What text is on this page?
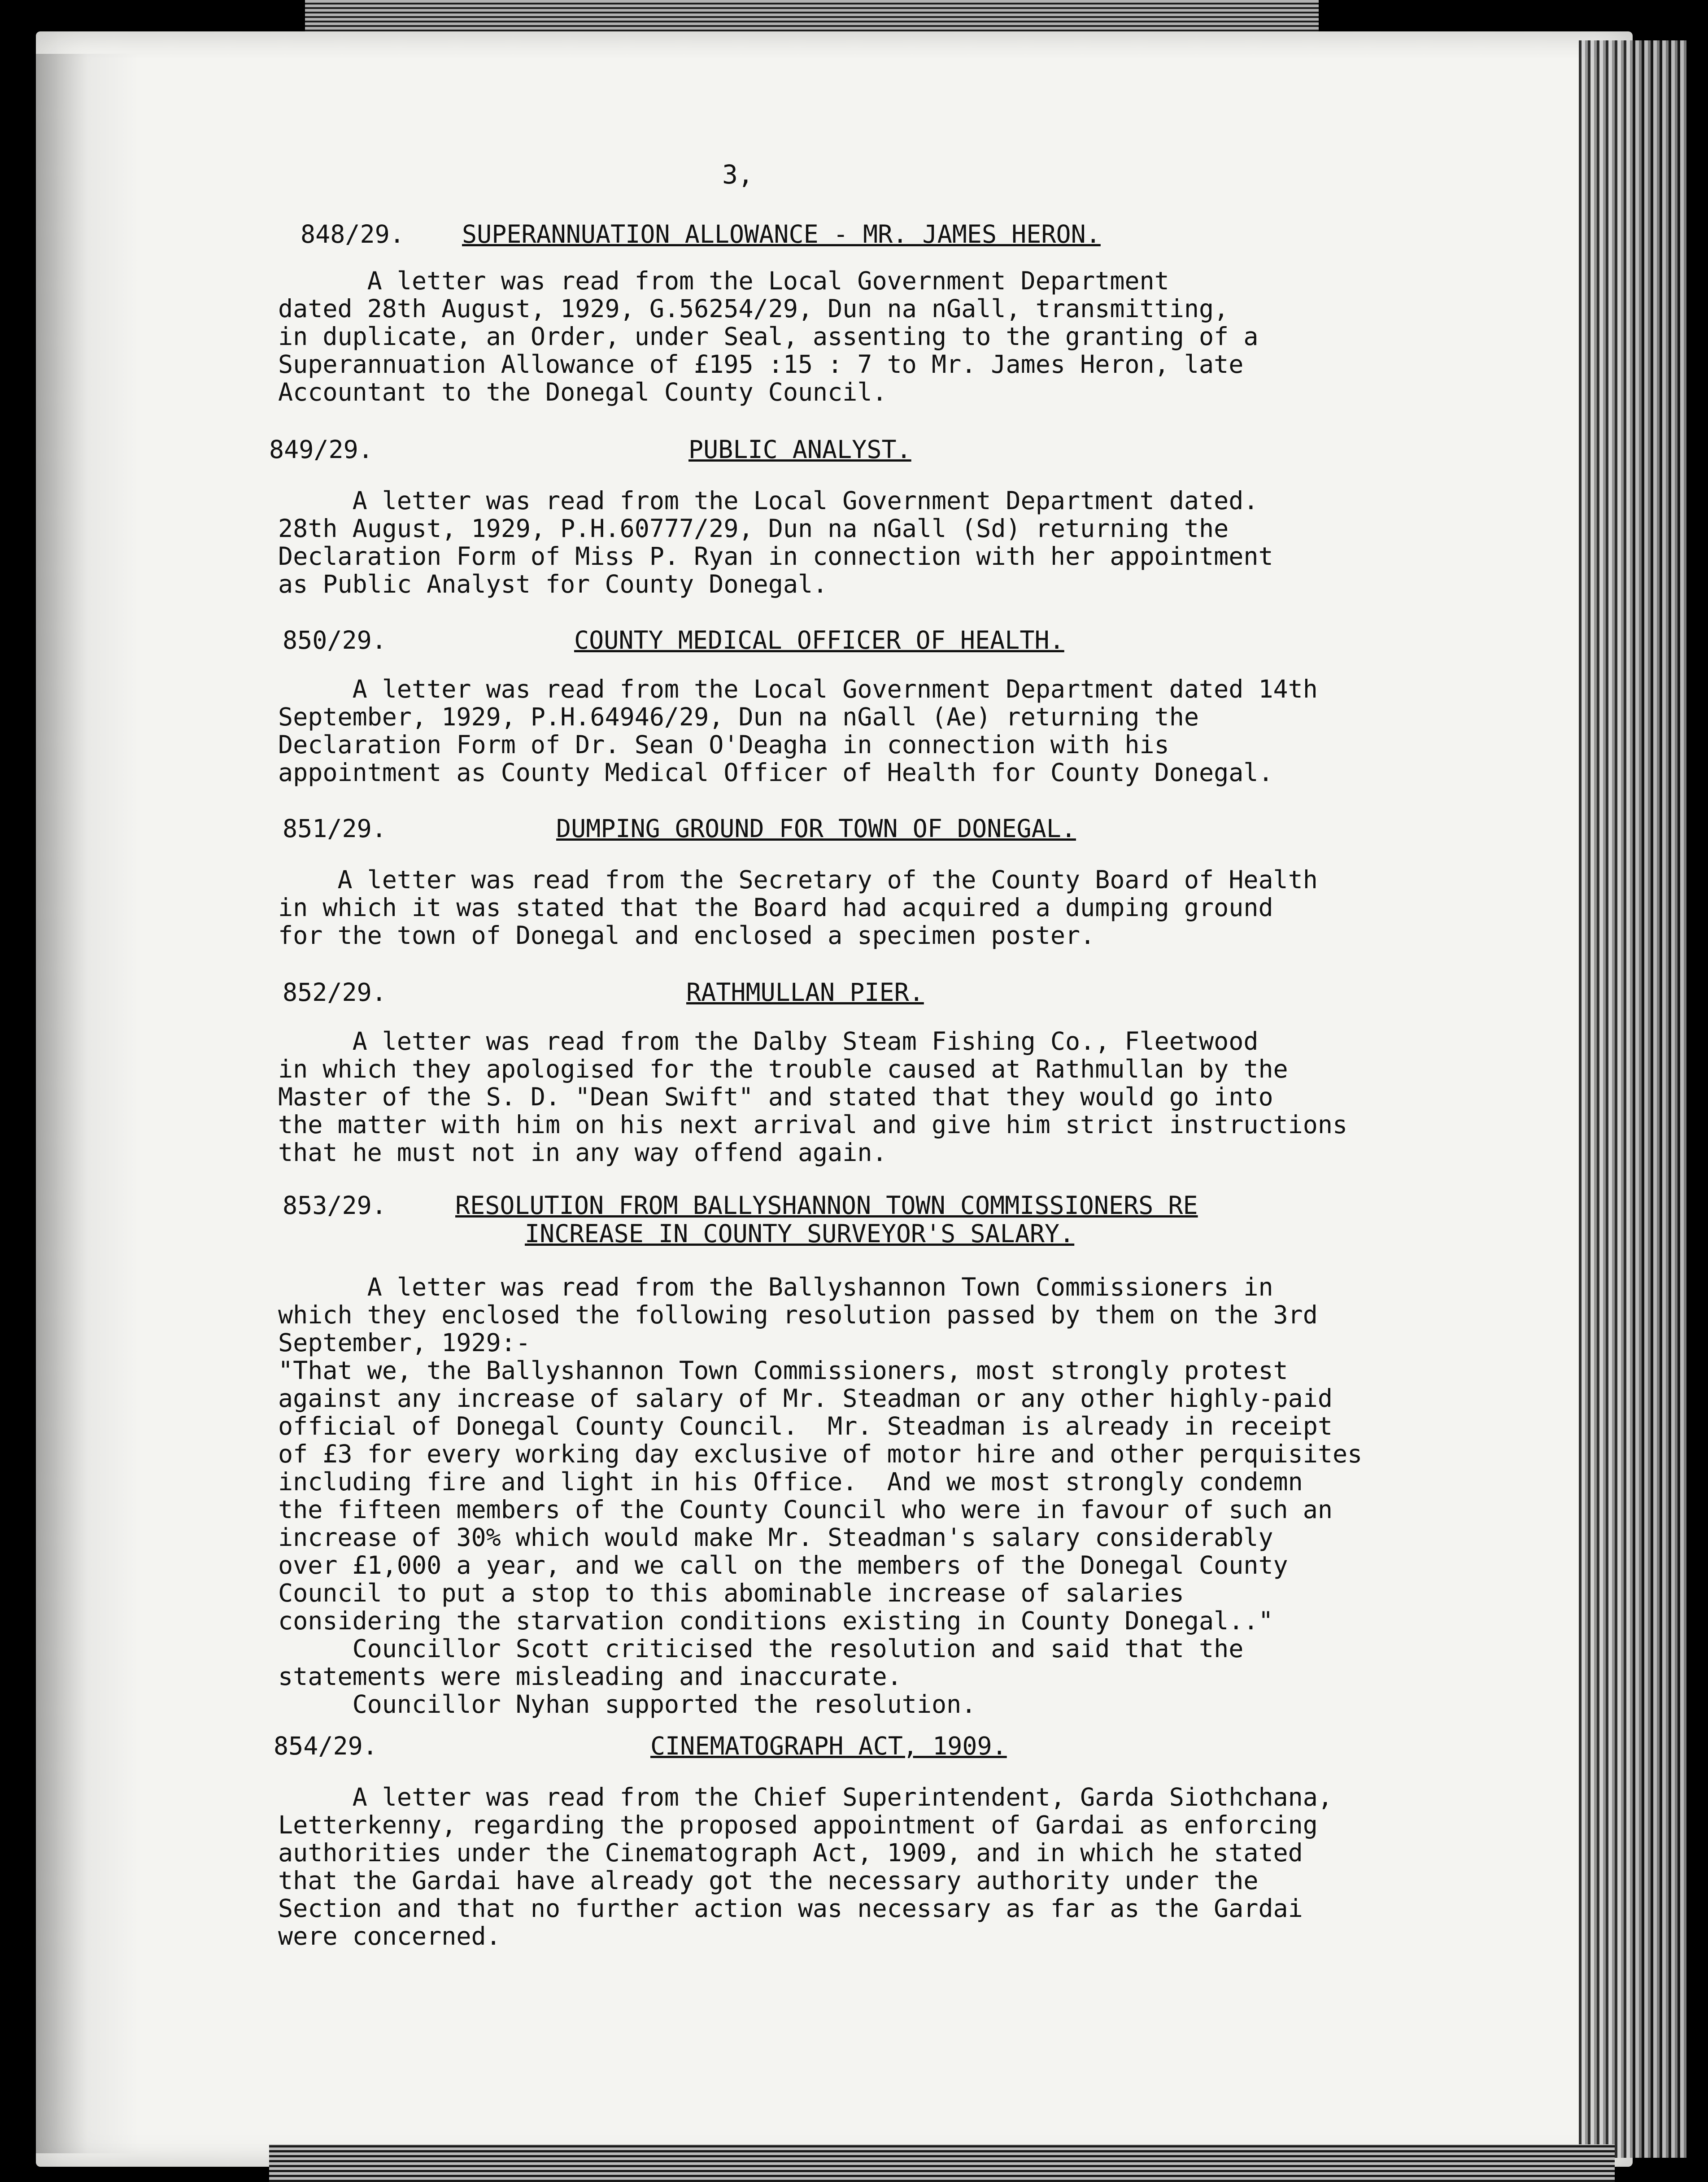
3,
848/29. SUPERANNUATION ALLOWANCE - MR. JAMES HERON.
A letter was read from the Local Government Department
dated 28th August, 1929, G.56254/29, Dun na nGall, transmitting,
in duplicate, an Order, under Seal, assenting to the granting of a
Superannuation Allowance of £195 :15 : 7 to Mr. James Heron, late
Accountant to the Donegal County Council.
849/29.	PUBLIC ANALYST.
A letter was read from the Local Government Department dated.
28th August, 1929, P.H.60777/29, Dun na nGall (Sd) returning the
Declaration Form of Miss P. Ryan in connection with her appointment
as Public Analyst for County Donegal.
850/29.	COUNTY MEDICAL OFFICER OF HEALTH.
A letter was read from the Local Government Department dated 14th
September, 1929, P.H.64946/29, Dun na nGall (Ae) returning the
Declaration Form of Dr. Sean O'Deagha in connection with his
appointment as County Medical Officer of Health for County Donegal.
851/29.	DUMPING GROUND FOR TOWN OF DONEGAL.
A letter was read from the Secretary of the County Board of Health
in which it was stated that the Board had acquired a dumping ground
for the town of Donegal and enclosed a specimen poster.
852/29.	RATHMULLAN PIER.
A letter was read from the Dalby Steam Fishing Co., Fleetwood
in which they apologised for the trouble caused at Rathmullan by the
Master of the S. D. "Dean Swift" and stated that they would go into
the matter with him on his next arrival and give him strict instructions
that he must not in any way offend again.
853/29.	RESOLUTION FROM BALLYSHANNON TOWN COMMISSIONERS RE
INCREASE IN COUNTY SURVEYOR'S SALARY.
A letter was read from the Ballyshannon Town Commissioners in
which they enclosed the following resolution passed by them on the 3rd
September, 1929:-
"That we, the Ballyshannon Town Commissioners, most strongly protest
against any increase of salary of Mr. Steadman or any other highly-paid
official of Donegal County Council.  Mr. Steadman is already in receipt
of £3 for every working day exclusive of motor hire and other perquisites
including fire and light in his Office.  And we most strongly condemn
the fifteen members of the County Council who were in favour of such an
increase of 30% which would make Mr. Steadman's salary considerably
over £1,000 a year, and we call on the members of the Donegal County
Council to put a stop to this abominable increase of salaries
considering the starvation conditions existing in County Donegal.."
Councillor Scott criticised the resolution and said that the
statements were misleading and inaccurate.
Councillor Nyhan supported the resolution.
854/29.	CINEMATOGRAPH ACT, 1909.
A letter was read from the Chief Superintendent, Garda Siothchana,
Letterkenny, regarding the proposed appointment of Gardai as enforcing
authorities under the Cinematograph Act, 1909, and in which he stated
that the Gardai have already got the necessary authority under the
Section and that no further action was necessary as far as the Gardai
were concerned.
